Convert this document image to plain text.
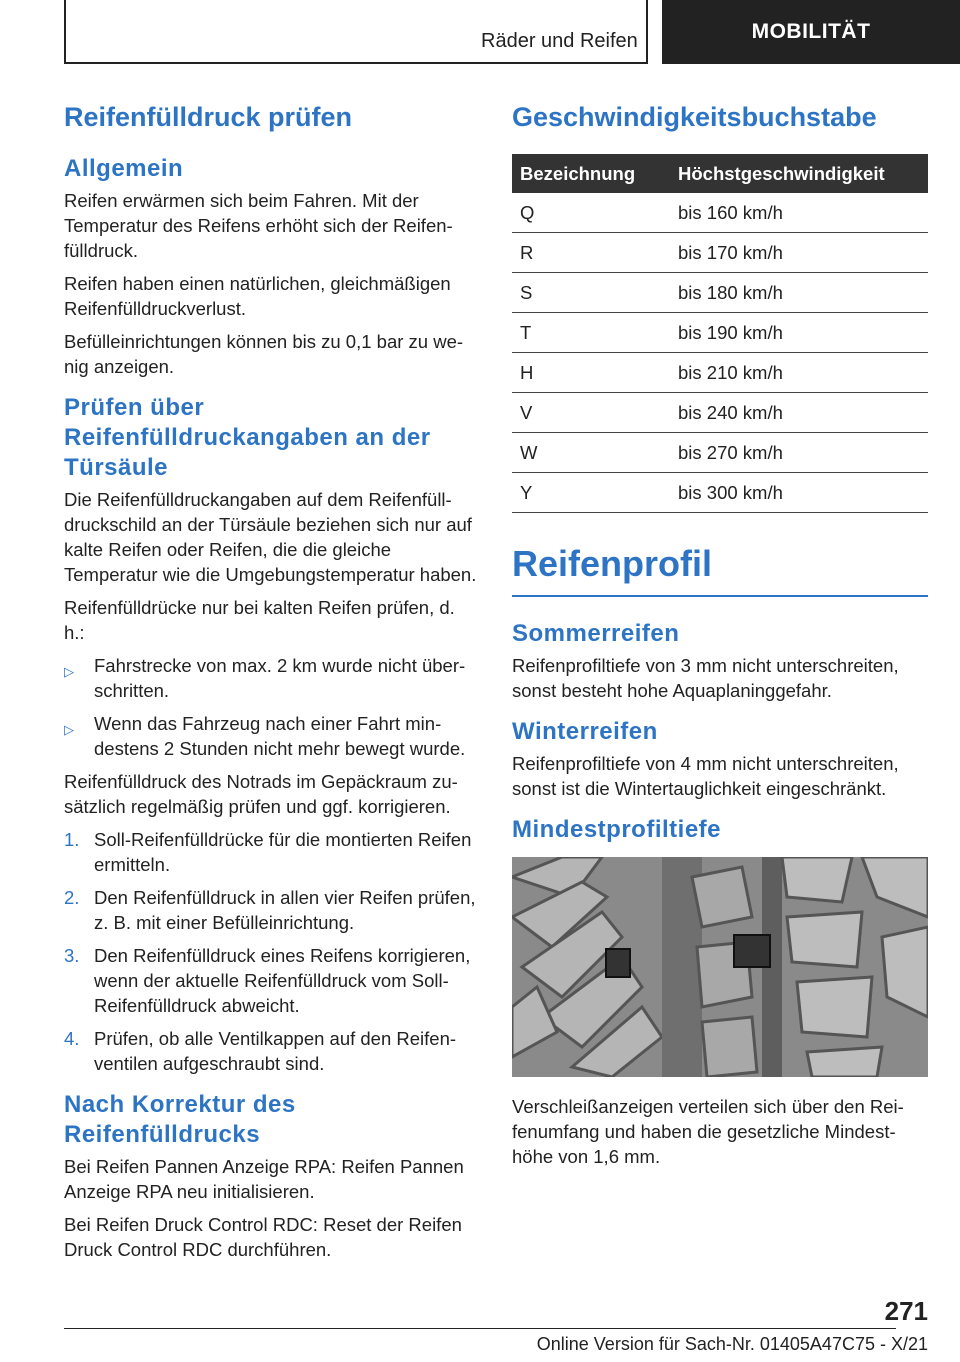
Räder und Reifen	MOBILITÄT
Reifenfülldruck prüfen
Allgemein

Reifen erwärmen sich beim Fahren. Mit der Temperatur des Reifens erhöht sich der Reifenfülldruck.

Reifen haben einen natürlichen, gleichmäßigen Reifenfülldruckverlust.

Befülleinrichtungen können bis zu 0,1 bar zu wenig anzeigen.

Prüfen über Reifenfülldruckangaben an der Türsäule

Die Reifenfülldruckangaben auf dem Reifenfülldruckschild an der Türsäule beziehen sich nur auf kalte Reifen oder Reifen, die die gleiche Temperatur wie die Umgebungstemperatur haben.

Reifenfülldrücke nur bei kalten Reifen prüfen, d. h.:

▷ Fahrstrecke von max. 2 km wurde nicht überschritten.
▷ Wenn das Fahrzeug nach einer Fahrt mindestens 2 Stunden nicht mehr bewegt wurde.

Reifenfülldruck des Notrads im Gepäckraum zusätzlich regelmäßig prüfen und ggf. korrigieren.

1. Soll-Reifenfülldrücke für die montierten Reifen ermitteln.
2. Den Reifenfülldruck in allen vier Reifen prüfen, z. B. mit einer Befülleinrichtung.
3. Den Reifenfülldruck eines Reifens korrigieren, wenn der aktuelle Reifenfülldruck vom Soll-Reifenfülldruck abweicht.
4. Prüfen, ob alle Ventilkappen auf den Reifenventilen aufgeschraubt sind.
Nach Korrektur des Reifenfülldrucks

Bei Reifen Pannen Anzeige RPA: Reifen Pannen Anzeige RPA neu initialisieren.

Bei Reifen Druck Control RDC: Reset der Reifen Druck Control RDC durchführen.

Geschwindigkeitsbuchstabe
Bezeichnung	Höchstgeschwindigkeit
Q	bis 160 km/h
R	bis 170 km/h
S	bis 180 km/h
T	bis 190 km/h
H	bis 210 km/h
V	bis 240 km/h
W	bis 270 km/h
Y	bis 300 km/h
Reifenprofil
Sommerreifen

Reifenprofiltiefe von 3 mm nicht unterschreiten, sonst besteht hohe Aquaplaninggefahr.

Winterreifen

Reifenprofiltiefe von 4 mm nicht unterschreiten, sonst ist die Wintertauglichkeit eingeschränkt.

Mindestprofiltiefe

Verschleißanzeigen verteilen sich über den Reifenumfang und haben die gesetzliche Mindesthöhe von 1,6 mm.

271
Online Version für Sach-Nr. 01405A47C75 - X/21
